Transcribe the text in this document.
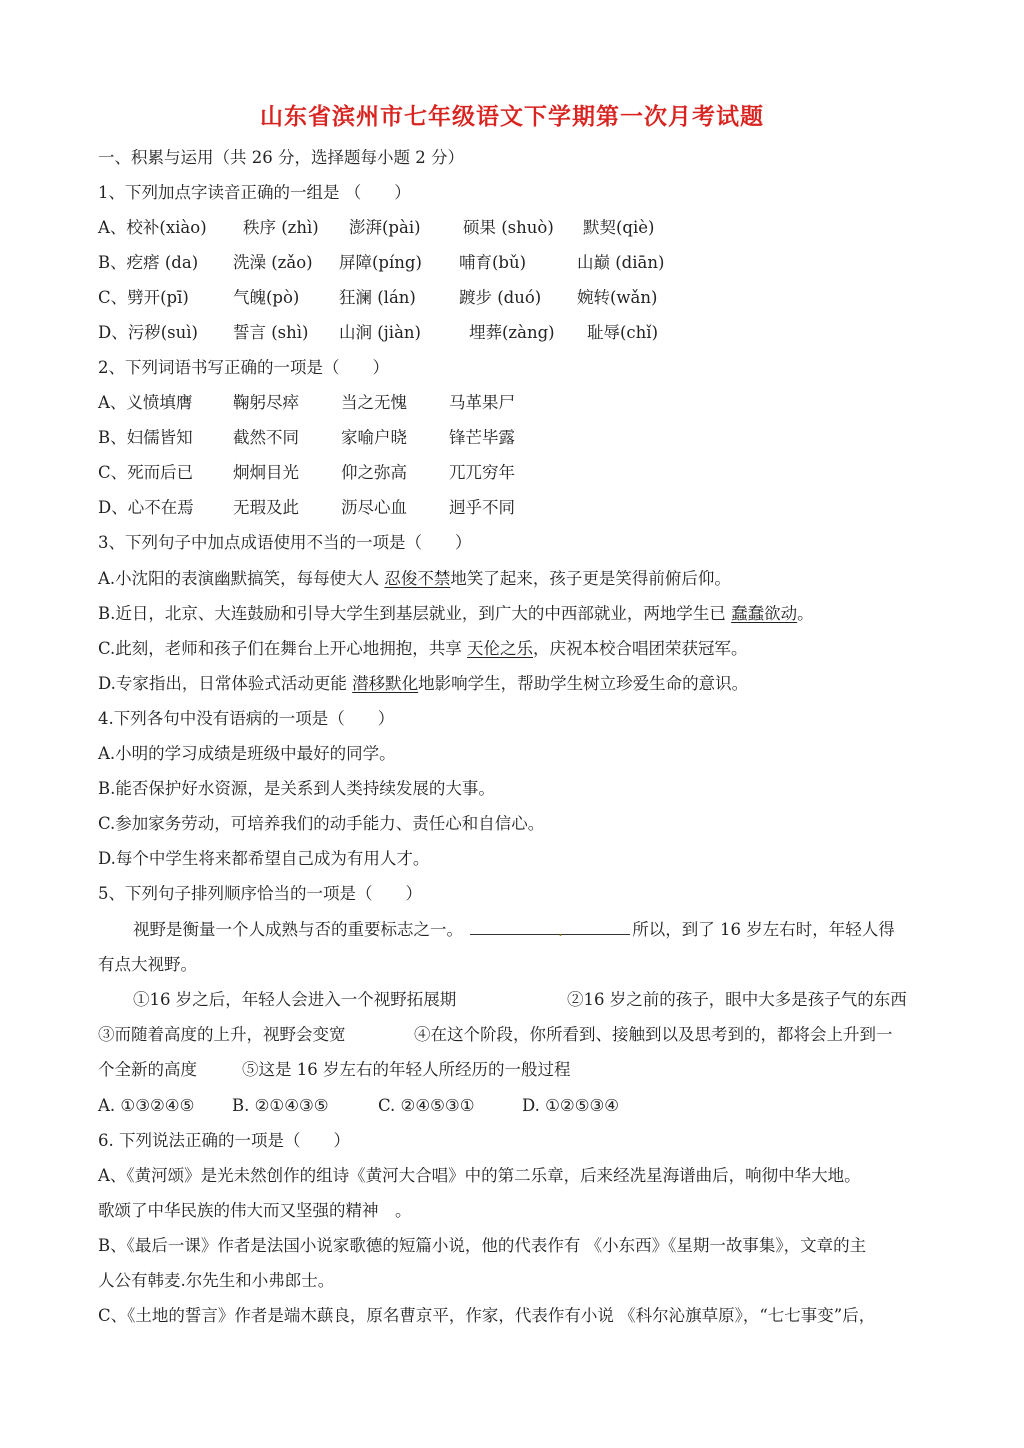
山东省滨州市七年级语文下学期第一次月考试题
一、积累与运用（共 26 分，选择题每小题 2 分）
1、下列加点字读音正确的一组是 （　　）
A、校补(xiào) 秩序 (zhì) 澎湃(pài)	硕果 (shuò) 默契(qiè)
B、疙瘩 (da) 洗澡 (zǎo) 屏障(píng) 哺育(bǔ)	山巅 (diān)
C、劈开(pī)	气魄(pò) 狂澜 (lán)	踱步 (duó) 婉转(wǎn)
D、污秽(suì) 誓言 (shì) 山涧 (jiàn)	埋葬(zàng) 耻辱(chǐ)
2、下列词语书写正确的一项是（　　）
A、义愤填膺 鞠躬尽瘁	当之无愧	马革果尸
B、妇儒皆知 截然不同	家喻户晓	锋芒毕露
C、死而后已 炯炯目光	仰之弥高	兀兀穷年
D、心不在焉 无瑕及此	沥尽心血	迥乎不同
3、下列句子中加点成语使用不当的一项是（　　）
A.小沈阳的表演幽默搞笑，每每使大人 忍俊不禁地笑了起来，孩子更是笑得前俯后仰。
B.近日，北京、大连鼓励和引导大学生到基层就业，到广大的中西部就业，两地学生已 蠢蠢欲动。
C.此刻，老师和孩子们在舞台上开心地拥抱，共享 天伦之乐，庆祝本校合唱团荣获冠军。
D.专家指出，日常体验式活动更能 潜移默化地影响学生，帮助学生树立珍爱生命的意识。
4.下列各句中没有语病的一项是（　　）
A.小明的学习成绩是班级中最好的同学。
B.能否保护好水资源，是关系到人类持续发展的大事。
C.参加家务劳动，可培养我们的动手能力、责任心和自信心。
D.每个中学生将来都希望自己成为有用人才。
5、下列句子排列顺序恰当的一项是（　　）
视野是衡量一个人成熟与否的重要标志之一。	.	所以，到了 16 岁左右时，年轻人得
有点大视野。
①16 岁之后，年轻人会进入一个视野拓展期	②16 岁之前的孩子，眼中大多是孩子气的东西
③而随着高度的上升，视野会变宽	④在这个阶段，你所看到、接触到以及思考到的，都将会上升到一
个全新的高度	⑤这是 16 岁左右的年轻人所经历的一般过程
A. ①③②④⑤ B. ②①④③⑤	C. ②④⑤③①	D. ①②⑤③④
6. 下列说法正确的一项是（　　）
A、《黄河颂》是光未然创作的组诗《黄河大合唱》中的第二乐章，后来经冼星海谱曲后，响彻中华大地。
歌颂了中华民族的伟大而又坚强的精神　。
B、《最后一课》作者是法国小说家歌德的短篇小说，他的代表作有 《小东西》《星期一故事集》，文章的主
人公有韩麦.尔先生和小弗郎士。
C、《土地的誓言》作者是端木蕻良，原名曹京平，作家，代表作有小说 《科尔沁旗草原》，“七七事变”后，
